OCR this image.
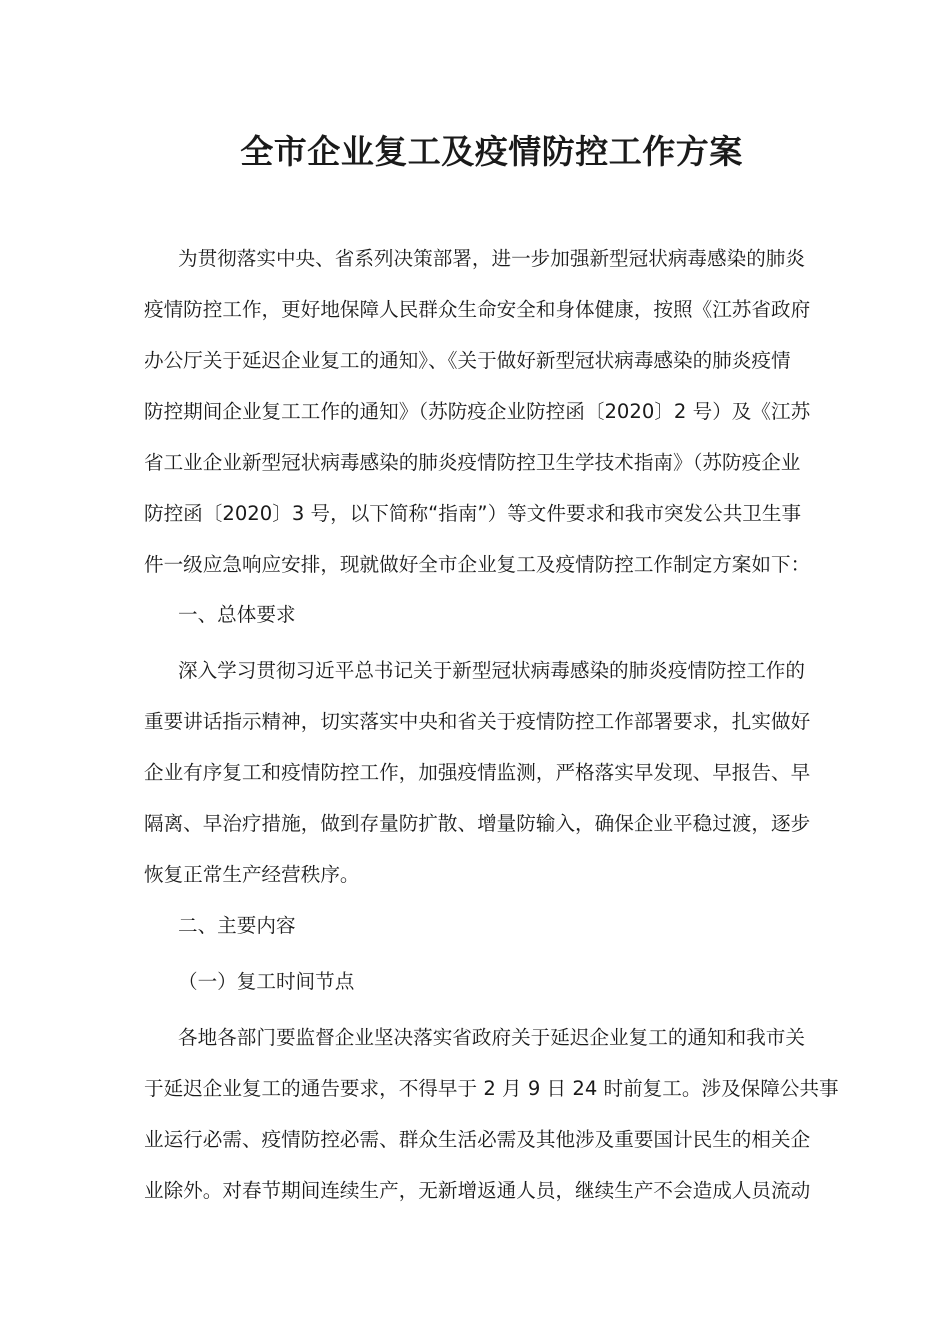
全市企业复工及疫情防控工作方案
为贯彻落实中央、省系列决策部署，进一步加强新型冠状病毒感染的肺炎
疫情防控工作，更好地保障人民群众生命安全和身体健康，按照《江苏省政府
办公厅关于延迟企业复工的通知》、《关于做好新型冠状病毒感染的肺炎疫情
防控期间企业复工工作的通知》（苏防疫企业防控函〔2020〕2 号）及《江苏
省工业企业新型冠状病毒感染的肺炎疫情防控卫生学技术指南》（苏防疫企业
防控函〔2020〕3 号，以下简称“指南”）等文件要求和我市突发公共卫生事
件一级应急响应安排，现就做好全市企业复工及疫情防控工作制定方案如下：
一、总体要求
深入学习贯彻习近平总书记关于新型冠状病毒感染的肺炎疫情防控工作的
重要讲话指示精神，切实落实中央和省关于疫情防控工作部署要求，扎实做好
企业有序复工和疫情防控工作，加强疫情监测，严格落实早发现、早报告、早
隔离、早治疗措施，做到存量防扩散、增量防输入，确保企业平稳过渡，逐步
恢复正常生产经营秩序。
二、主要内容
（一）复工时间节点
各地各部门要监督企业坚决落实省政府关于延迟企业复工的通知和我市关
于延迟企业复工的通告要求，不得早于 2 月 9 日 24 时前复工。涉及保障公共事
业运行必需、疫情防控必需、群众生活必需及其他涉及重要国计民生的相关企
业除外。对春节期间连续生产，无新增返通人员，继续生产不会造成人员流动
